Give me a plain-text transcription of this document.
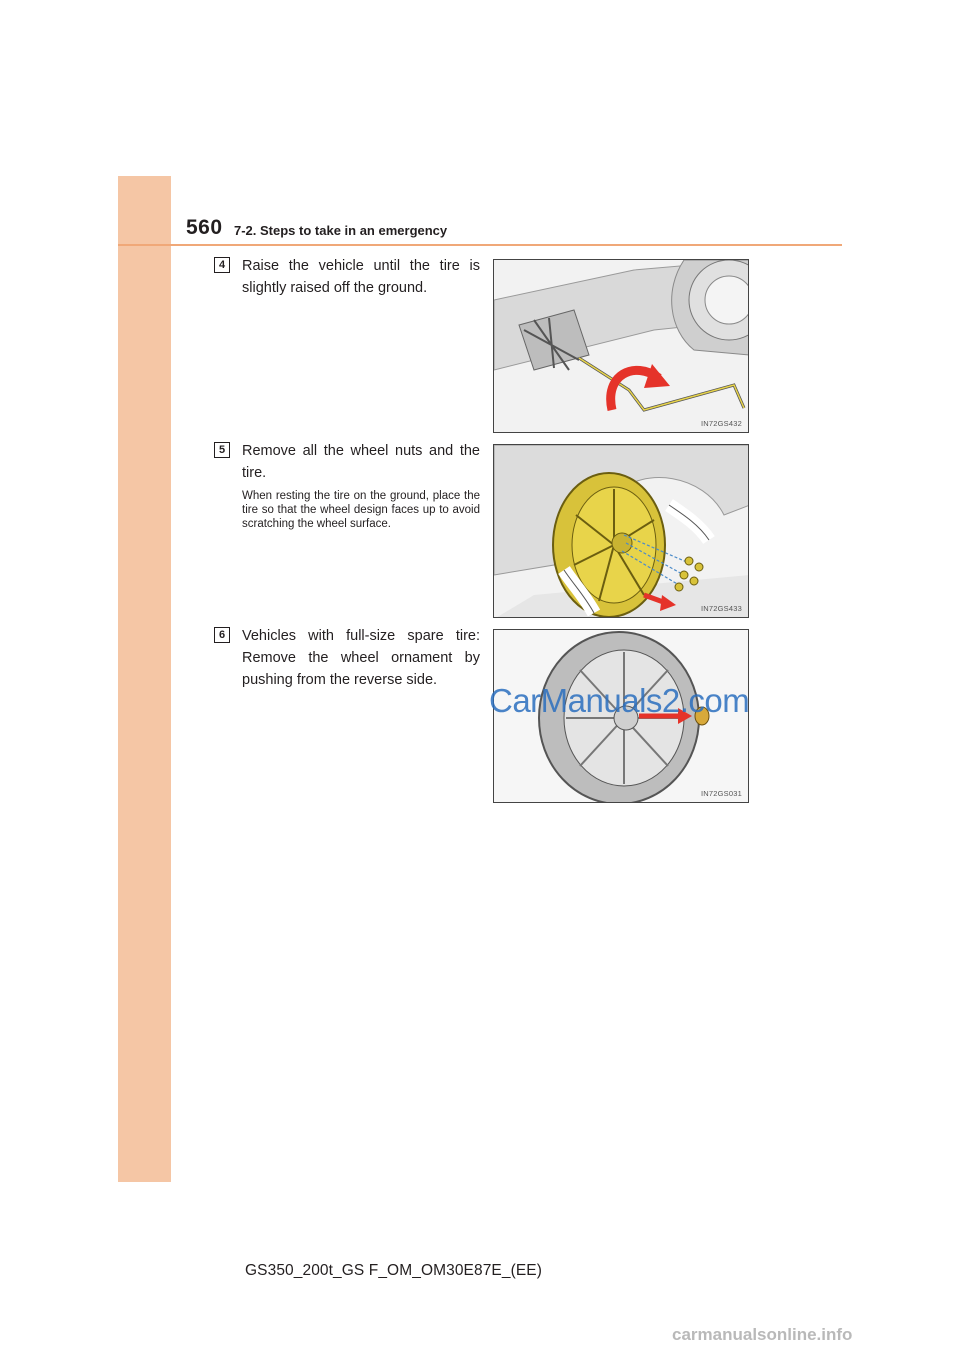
560 7-2. Steps to take in an emergency
4	Raise the vehicle until the tire is slightly raised off the ground.
IN72GS432
5	Remove all the wheel nuts and the tire.
When resting the tire on the ground, place the tire so that the wheel design faces up to avoid scratching the wheel surface.
IN72GS433
6	Vehicles with full-size spare tire: Remove the wheel ornament by pushing from the reverse side.
IN72GS031
CarManuals2.com
GS350_200t_GS F_OM_OM30E87E_(EE)
carmanualsonline.info
